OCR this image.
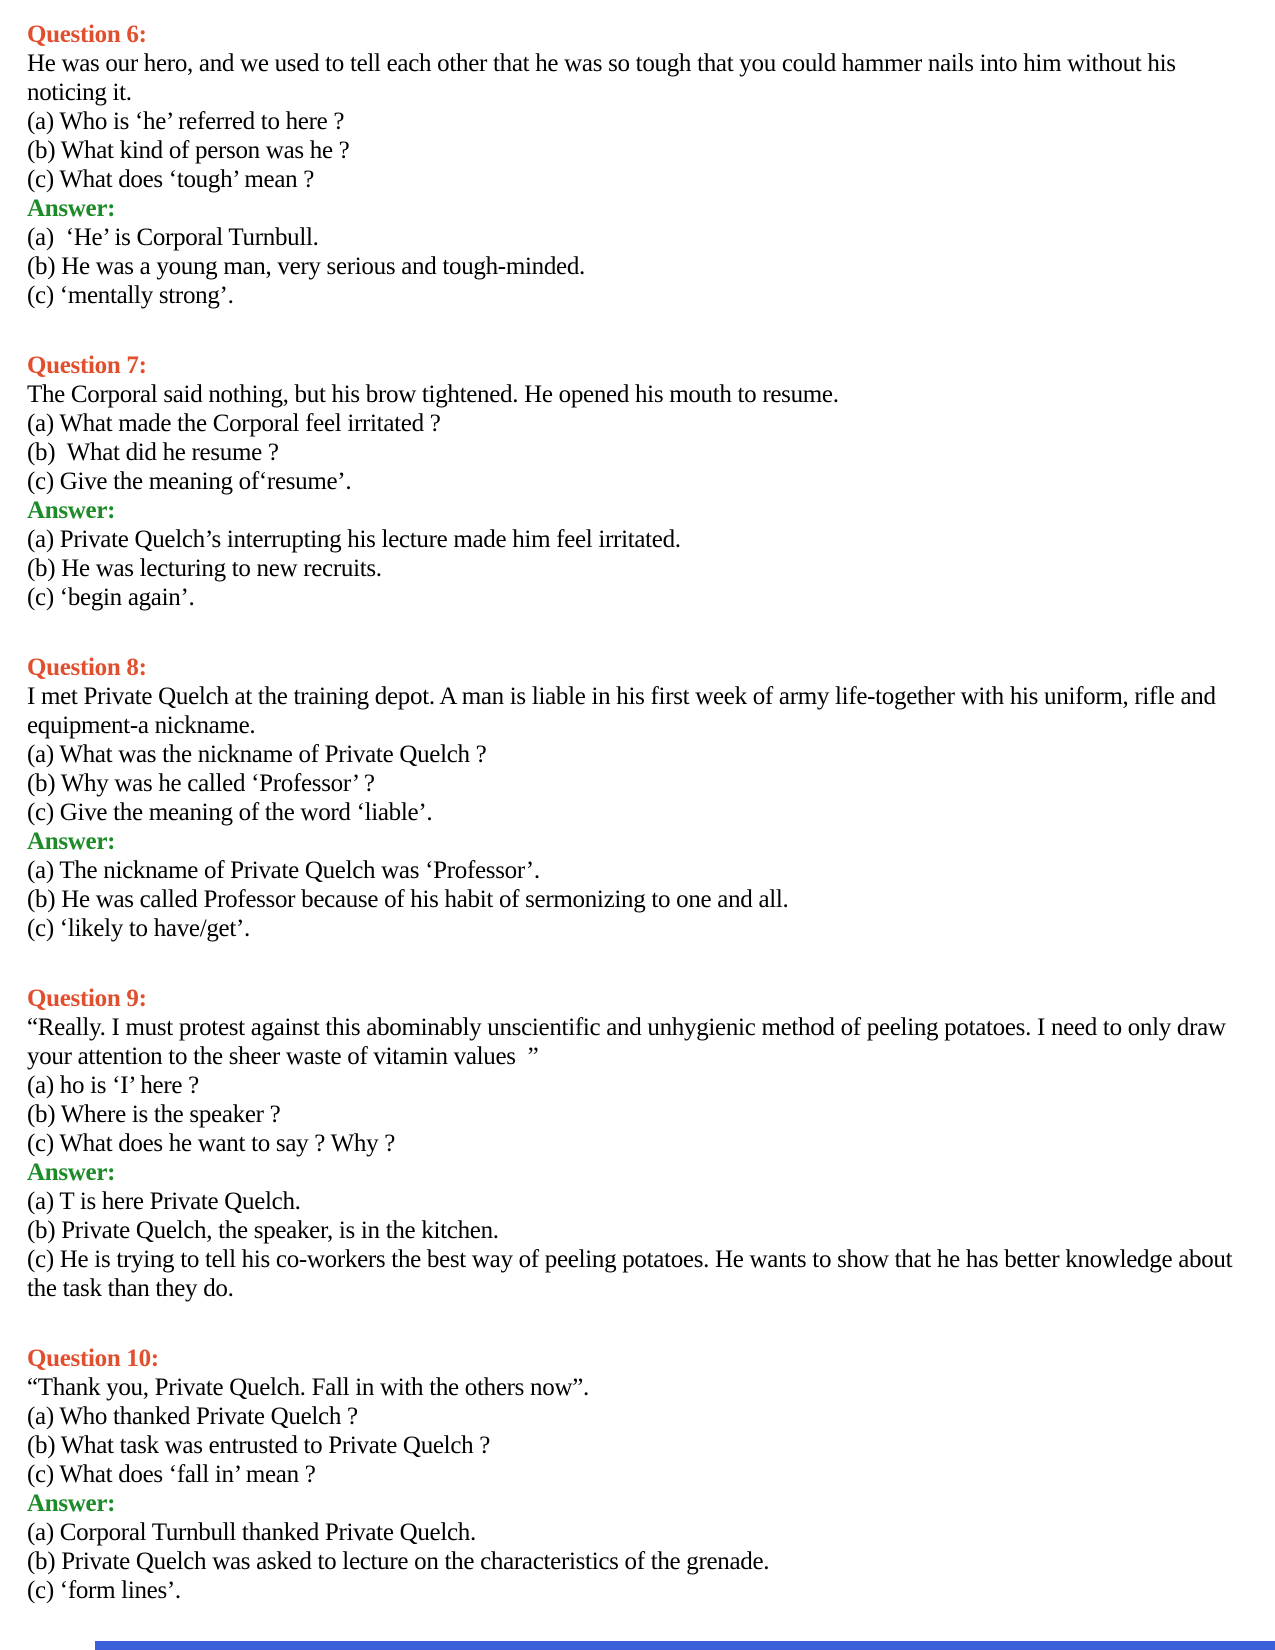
Question 6:

He was our hero, and we used to tell each other that he was so tough that you could hammer nails into him without his

noticing it.

(a) Who is ‘he’ referred to here ?

(b) What kind of person was he ?

(c) What does ‘tough’ mean ?

Answer:

(a)  ‘He’ is Corporal Turnbull.

(b) He was a young man, very serious and tough-minded.

(c) ‘mentally strong’.

Question 7:

The Corporal said nothing, but his brow tightened. He opened his mouth to resume.

(a) What made the Corporal feel irritated ?

(b)  What did he resume ?

(c) Give the meaning of‘resume’.

Answer:

(a) Private Quelch’s interrupting his lecture made him feel irritated.

(b) He was lecturing to new recruits.

(c) ‘begin again’.

Question 8:

I met Private Quelch at the training depot. A man is liable in his first week of army life-together with his uniform, rifle and

equipment-a nickname.

(a) What was the nickname of Private Quelch ?

(b) Why was he called ‘Professor’ ?

(c) Give the meaning of the word ‘liable’.

Answer:

(a) The nickname of Private Quelch was ‘Professor’.

(b) He was called Professor because of his habit of sermonizing to one and all.

(c) ‘likely to have/get’.

Question 9:

“Really. I must protest against this abominably unscientific and unhygienic method of peeling potatoes. I need to only draw

your attention to the sheer waste of vitamin values  ”

(a) ho is ‘I’ here ?

(b) Where is the speaker ?

(c) What does he want to say ? Why ?

Answer:

(a) T is here Private Quelch.

(b) Private Quelch, the speaker, is in the kitchen.

(c) He is trying to tell his co-workers the best way of peeling potatoes. He wants to show that he has better knowledge about

the task than they do.

Question 10:

“Thank you, Private Quelch. Fall in with the others now”.

(a) Who thanked Private Quelch ?

(b) What task was entrusted to Private Quelch ?

(c) What does ‘fall in’ mean ?

Answer:

(a) Corporal Turnbull thanked Private Quelch.

(b) Private Quelch was asked to lecture on the characteristics of the grenade.

(c) ‘form lines’.
